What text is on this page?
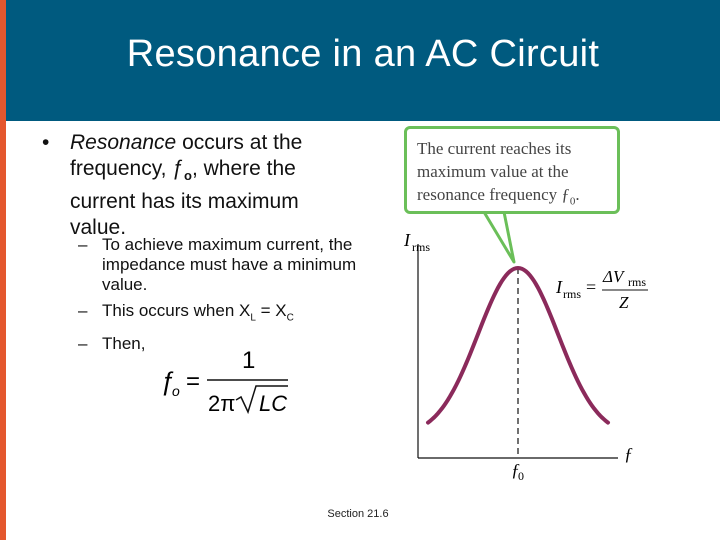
Resonance in an AC Circuit
• Resonance occurs at the frequency, $ƒ_o$, where the current has its maximum value.
– To achieve maximum current, the impedance must have a minimum value.
– This occurs when $X_L = X_C$
– Then,
ƒ
o =
1
2π LC
I rms
ƒ
ƒ
0
I rms =
ΔV rms
Z
The current reaches its maximum value at the resonance frequency $ƒ_0$.
Section 21.6
